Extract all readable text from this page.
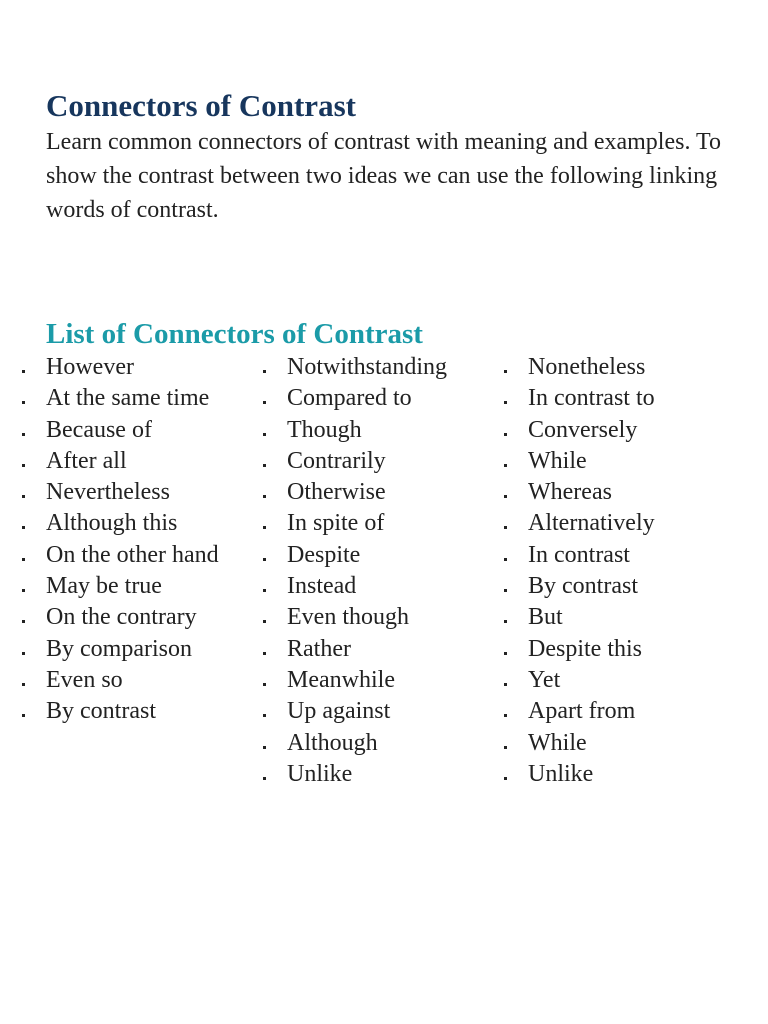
Connectors of Contrast

Learn common connectors of contrast with meaning and examples. To show the contrast between two ideas we can use the following linking words of contrast.

List of Connectors of Contrast
However
At the same time
Because of
After all
Nevertheless
Although this
On the other hand
May be true
On the contrary
By comparison
Even so
By contrast
Notwithstanding
Compared to
Though
Contrarily
Otherwise
In spite of
Despite
Instead
Even though
Rather
Meanwhile
Up against
Although
Unlike
Nonetheless
In contrast to
Conversely
While
Whereas
Alternatively
In contrast
By contrast
But
Despite this
Yet
Apart from
While
Unlike
